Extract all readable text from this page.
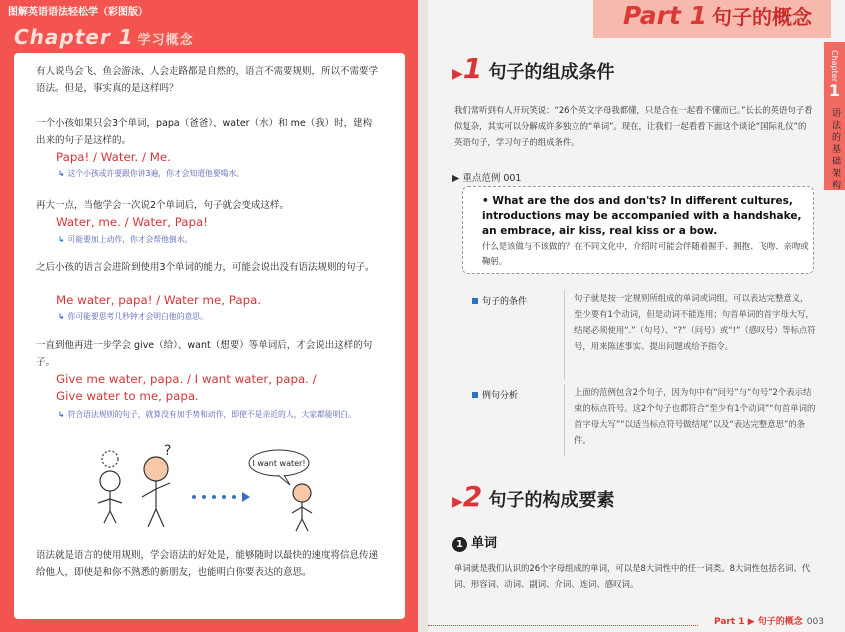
图解英语语法轻松学（彩图版）
Chapter 1 学习概念
有人说鸟会飞、鱼会游泳、人会走路都是自然的，语言不需要规则，所以不需要学语法。但是，事实真的是这样吗？
一个小孩如果只会3个单词，papa（爸爸）、water（水）和 me（我）时，建构出来的句子是这样的。
Papa! / Water. / Me.
↳ 这个小孩或许要跟你讲3遍，你才会知道他要喝水。
再大一点，当他学会一次说2个单词后，句子就会变成这样。
Water, me. / Water, Papa!
↳ 可能要加上动作，你才会帮他倒水。
之后小孩的语言会进阶到使用3个单词的能力，可能会说出没有语法规则的句子。
Me water, papa! / Water me, Papa.
↳ 你可能要思考几秒钟才会明白他的意思。
一直到他再进一步学会 give（给）、want（想要）等单词后，才会说出这样的句子。
Give me water, papa. / I want water, papa. /
Give water to me, papa.
↳ 符合语法规则的句子，就算没有加手势和动作，即使不是亲近的人，大家都能明白。
?
I want water!
语法就是语言的使用规则，学会语法的好处是，能够随时以最快的速度将信息传递给他人，即使是和你不熟悉的新朋友，也能明白你要表达的意思。
Part 1 句子的概念
Chapter
1
语法的基础架构
▶1 句子的组成条件
我们常听到有人开玩笑说：“26个英文字母我都懂，只是合在一起看不懂而已。”长长的英语句子看似复杂，其实可以分解成许多独立的“单词”。现在，让我们一起看看下面这个谈论“国际礼仪”的英语句子，学习句子的组成条件。
▶ 重点范例 001
• What are the dos and don'ts? In different cultures, introductions may be accompanied with a handshake, an embrace, air kiss, real kiss or a bow.
什么是该做与不该做的？在不同文化中，介绍时可能会伴随着握手、拥抱、飞吻、亲吻或鞠躬。
句子的条件	句子就是按一定规则所组成的单词或词组，可以表达完整意义，至少要有1个动词，但是动词不能连用；句首单词的首字母大写，结尾必须使用“.”（句号）、“?”（问号）或“!”（感叹号）等标点符号，用来陈述事实、提出问题或给予指令。
例句分析	上面的范例包含2个句子，因为句中有“问号”与“句号”2个表示结束的标点符号。这2个句子也都符合“至少有1个动词”“句首单词的首字母大写”“以适当标点符号做结尾”以及“表达完整意思”的条件。
▶2 句子的构成要素
1 单词
单词就是我们认识的26个字母组成的单词，可以是8大词性中的任一词类。8大词性包括名词、代词、形容词、动词、副词、介词、连词、感叹词。
Part 1 ▶ 句子的概念 003
